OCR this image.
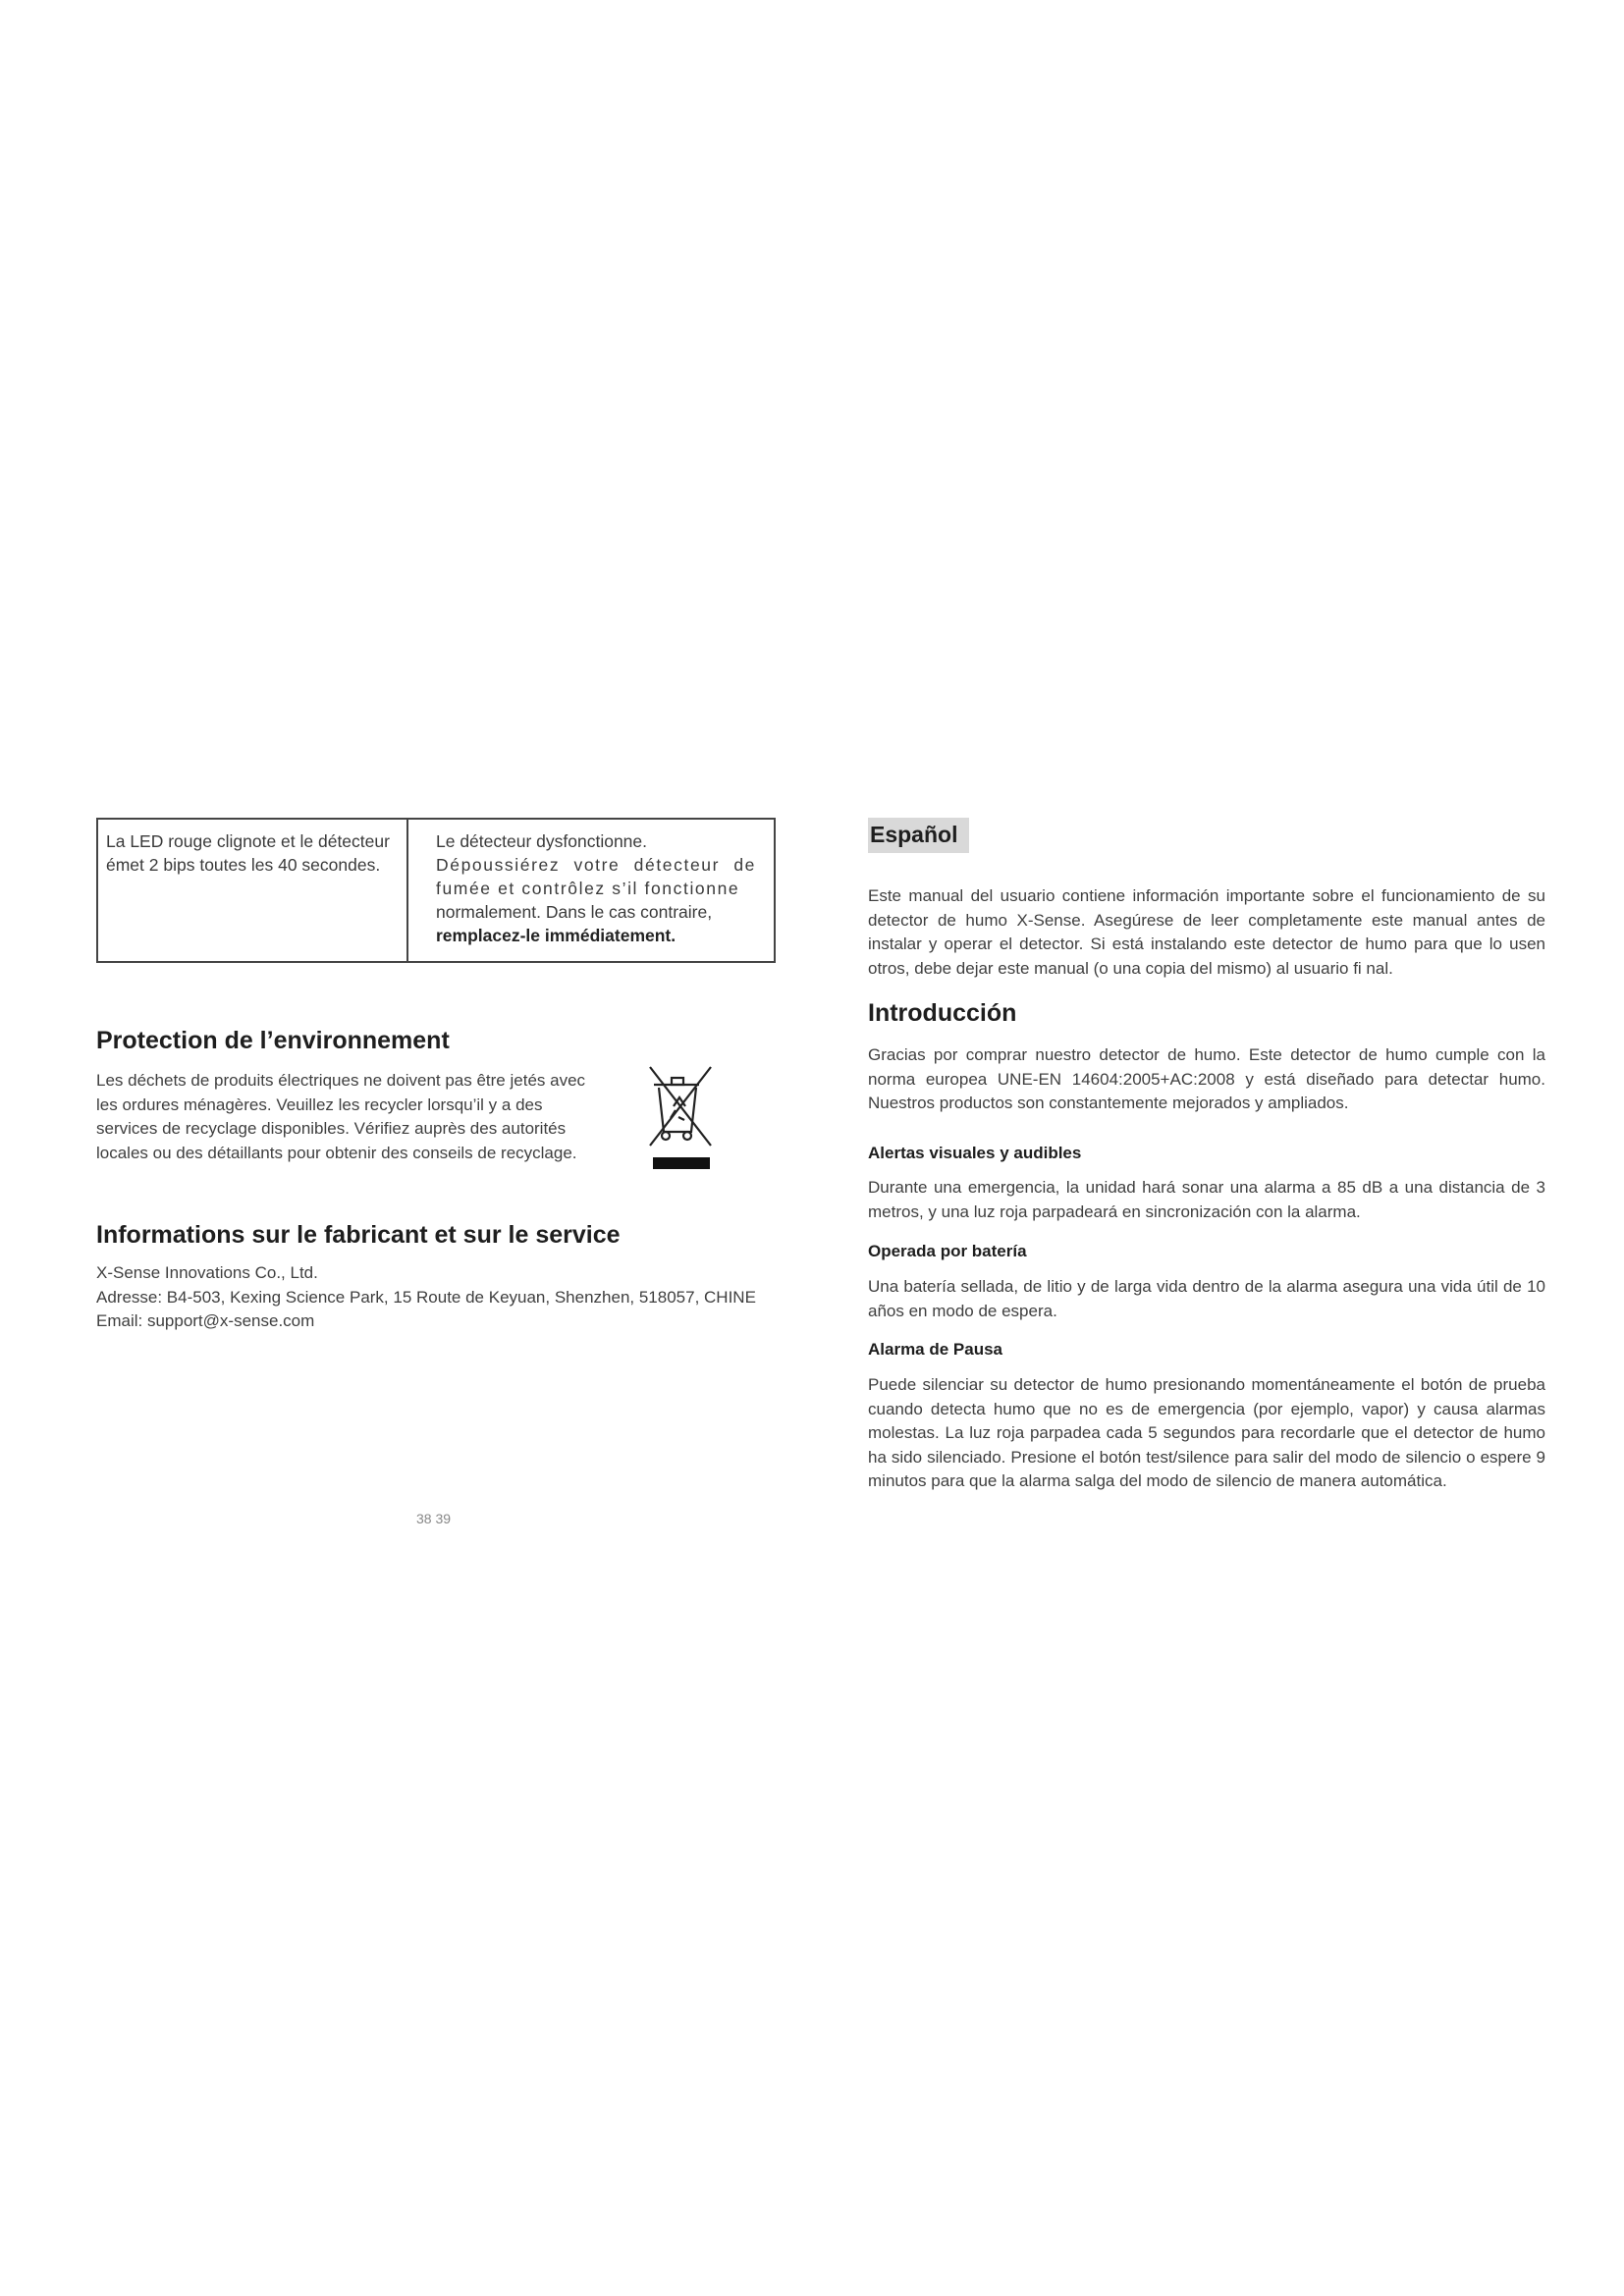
La LED rouge clignote et le détecteur émet 2 bips toutes les 40 secondes.
Le détecteur dysfonctionne.
Dépoussiérez votre détecteur de fumée et contrôlez s’il fonctionne
normalement. Dans le cas contraire,
remplacez-le immédiatement.
Protection de l’environnement

Les déchets de produits électriques ne doivent pas être jetés avec les ordures ménagères. Veuillez les recycler lorsqu’il y a des services de recyclage disponibles. Vérifiez auprès des autorités locales ou des détaillants pour obtenir des conseils de recyclage.

Informations sur le fabricant et sur le service

X-Sense Innovations Co., Ltd.

Adresse: B4-503, Kexing Science Park, 15 Route de Keyuan, Shenzhen, 518057, CHINE

Email: support@x-sense.com

38 39
Español

Este manual del usuario contiene información importante sobre el funcionamiento de su detector de humo X-Sense. Asegúrese de leer completamente este manual antes de instalar y operar el detector. Si está instalando este detector de humo para que lo usen otros, debe dejar este manual (o una copia del mismo) al usuario fi nal.

Introducción

Gracias por comprar nuestro detector de humo. Este detector de humo cumple con la norma europea UNE-EN 14604:2005+AC:2008 y está diseñado para detectar humo. Nuestros productos son constantemente mejorados y ampliados.

Alertas visuales y audibles

Durante una emergencia, la unidad hará sonar una alarma a 85 dB a una distancia de 3 metros, y una luz roja parpadeará en sincronización con la alarma.

Operada por batería

Una batería sellada, de litio y de larga vida dentro de la alarma asegura una vida útil de 10 años en modo de espera.

Alarma de Pausa

Puede silenciar su detector de humo presionando momentáneamente el botón de prueba cuando detecta humo que no es de emergencia (por ejemplo, vapor) y causa alarmas molestas. La luz roja parpadea cada 5 segundos para recordarle que el detector de humo ha sido silenciado. Presione el botón test/silence para salir del modo de silencio o espere 9 minutos para que la alarma salga del modo de silencio de manera automática.
